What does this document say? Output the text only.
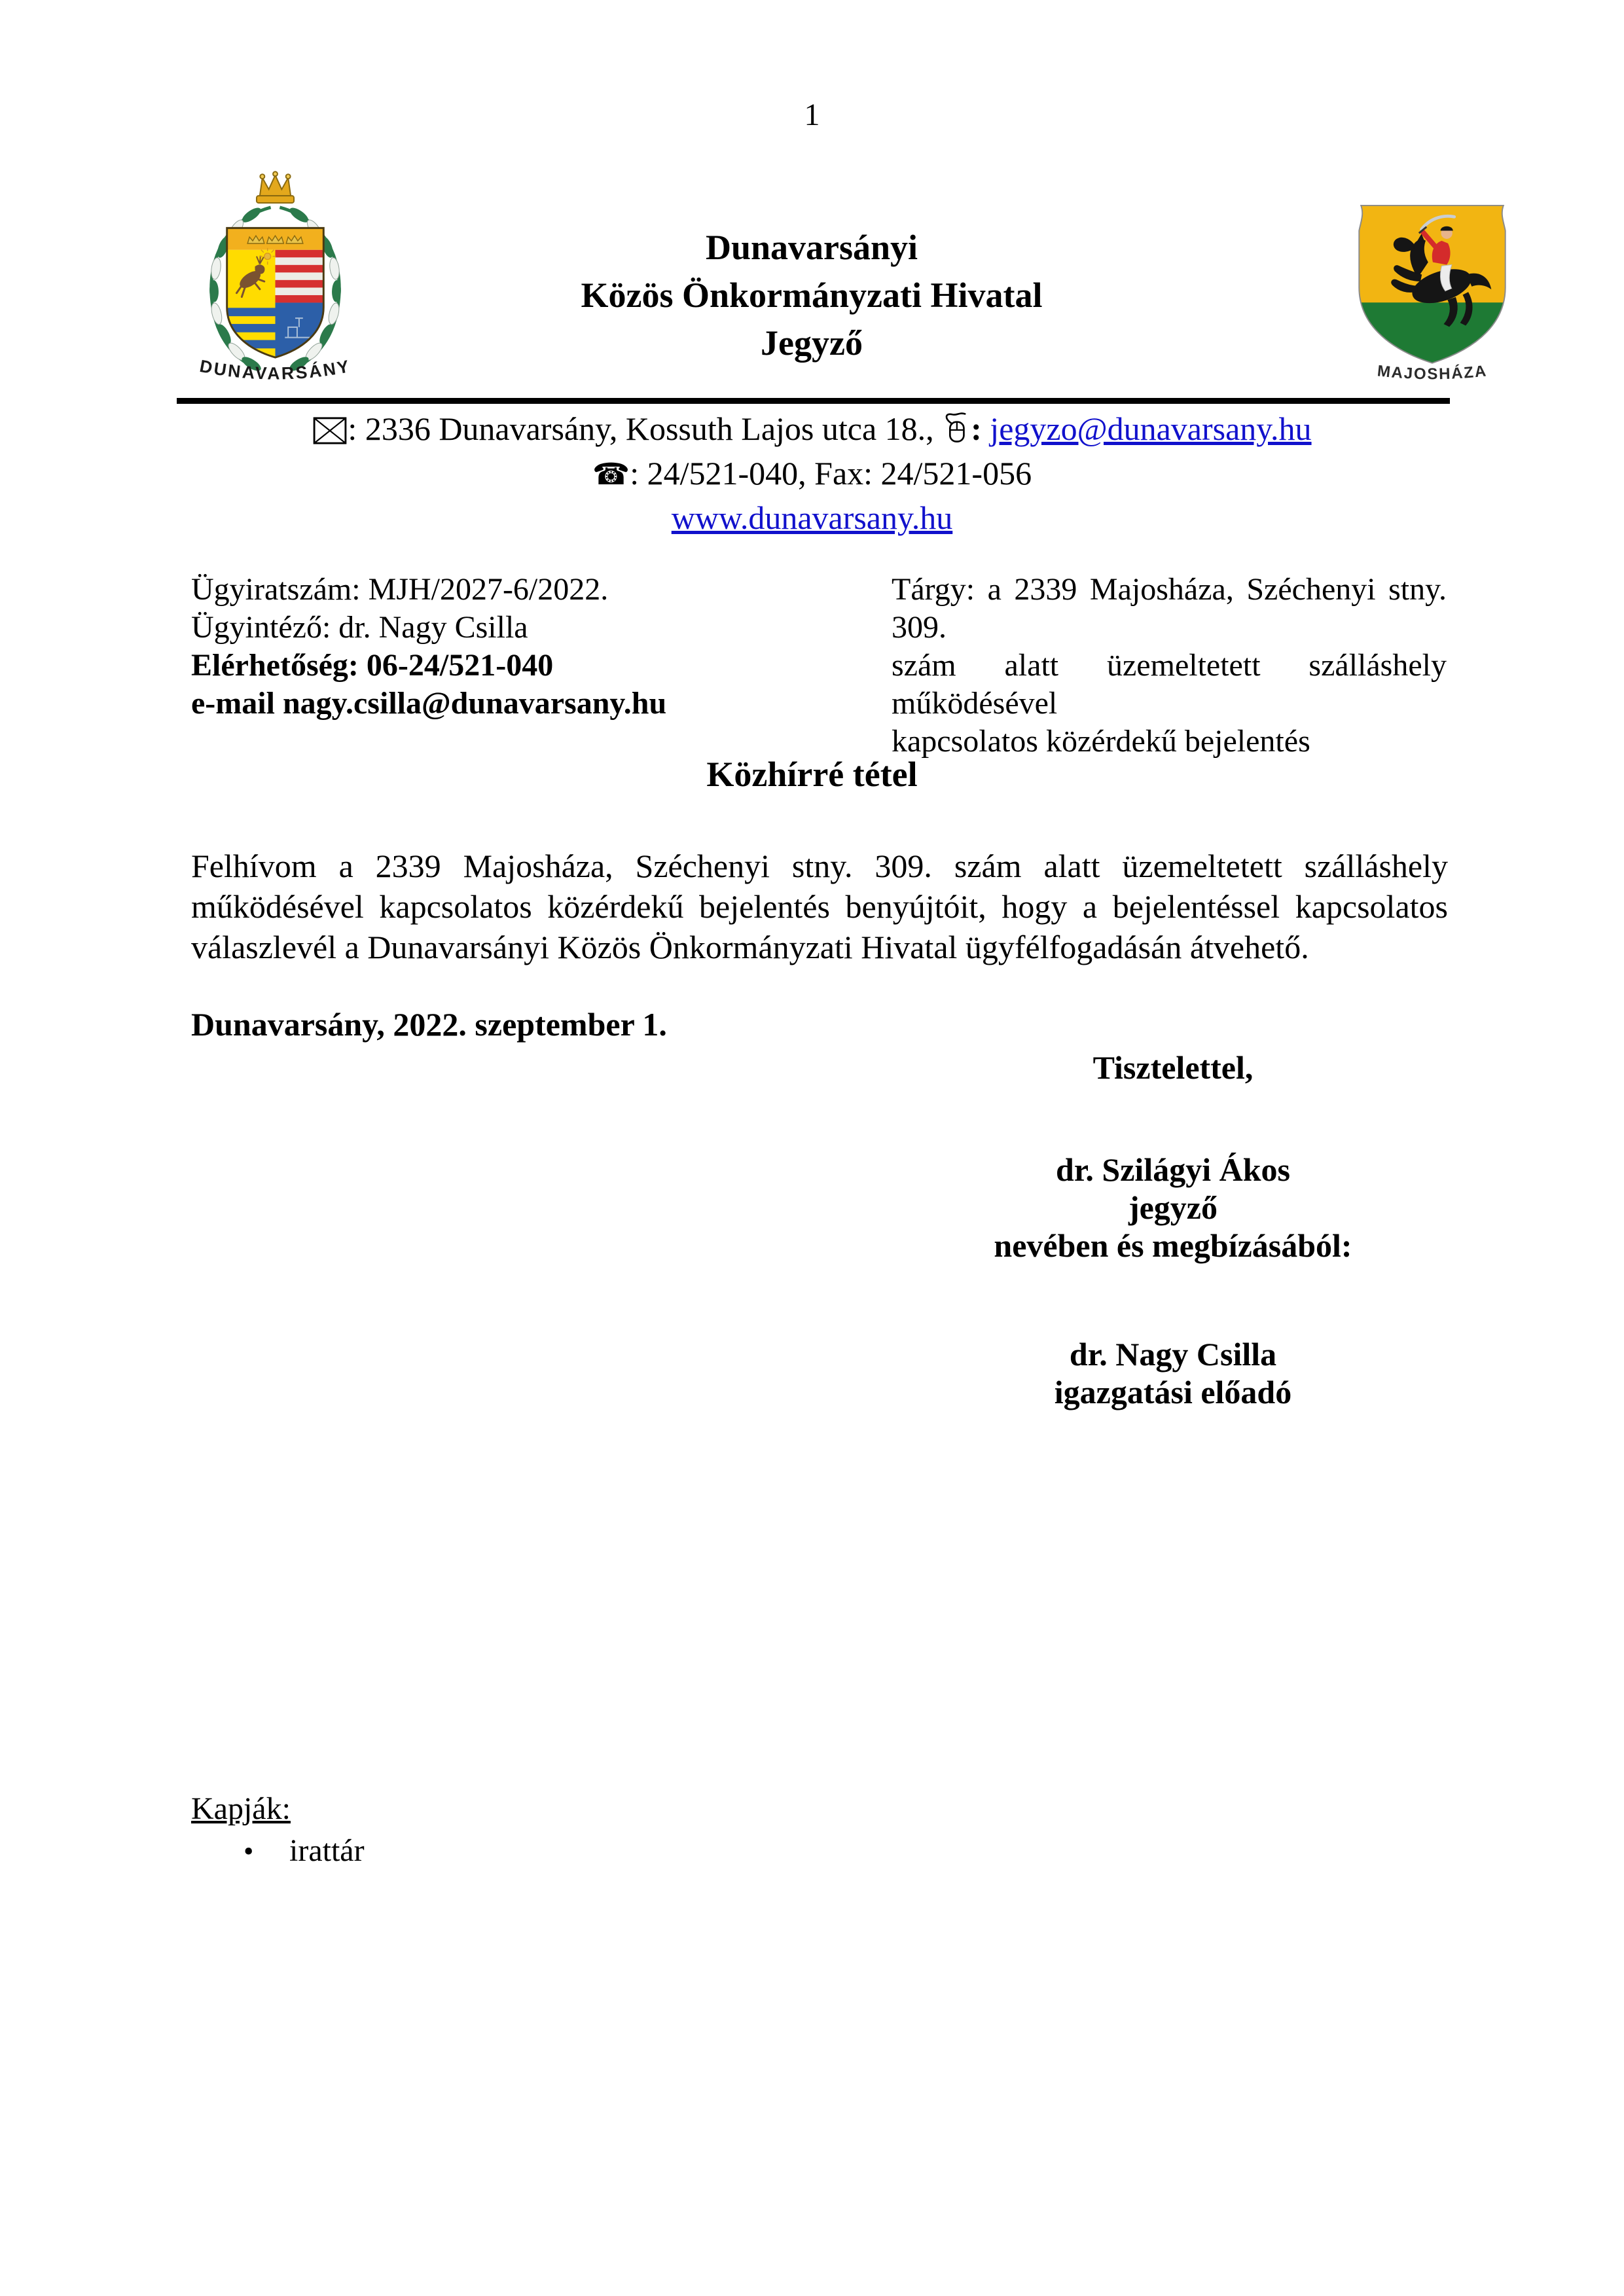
1
DUNAVARSÁNY
Dunavarsányi
Közös Önkormányzati Hivatal
Jegyző
MAJOSHÁZA
: 2336 Dunavarsány, Kossuth Lajos utca 18., : jegyzo@dunavarsany.hu
☎: 24/521-040, Fax: 24/521-056
www.dunavarsany.hu
Ügyiratszám: MJH/2027-6/2022.
Ügyintéző: dr. Nagy Csilla
Elérhetőség: 06-24/521-040
e-mail nagy.csilla@dunavarsany.hu
Tárgy: a 2339 Majosháza, Széchenyi stny. 309.
szám alatt üzemeltetett szálláshely működésével
kapcsolatos közérdekű bejelentés
Közhírré tétel
Felhívom a 2339 Majosháza, Széchenyi stny. 309. szám alatt üzemeltetett szálláshely működésével kapcsolatos közérdekű bejelentés benyújtóit, hogy a bejelentéssel kapcsolatos válaszlevél a Dunavarsányi Közös Önkormányzati Hivatal ügyfélfogadásán átvehető.
Dunavarsány, 2022. szeptember 1.
Tisztelettel,
dr. Szilágyi Ákos
jegyző
nevében és megbízásából:
dr. Nagy Csilla
igazgatási előadó
Kapják:
• irattár
